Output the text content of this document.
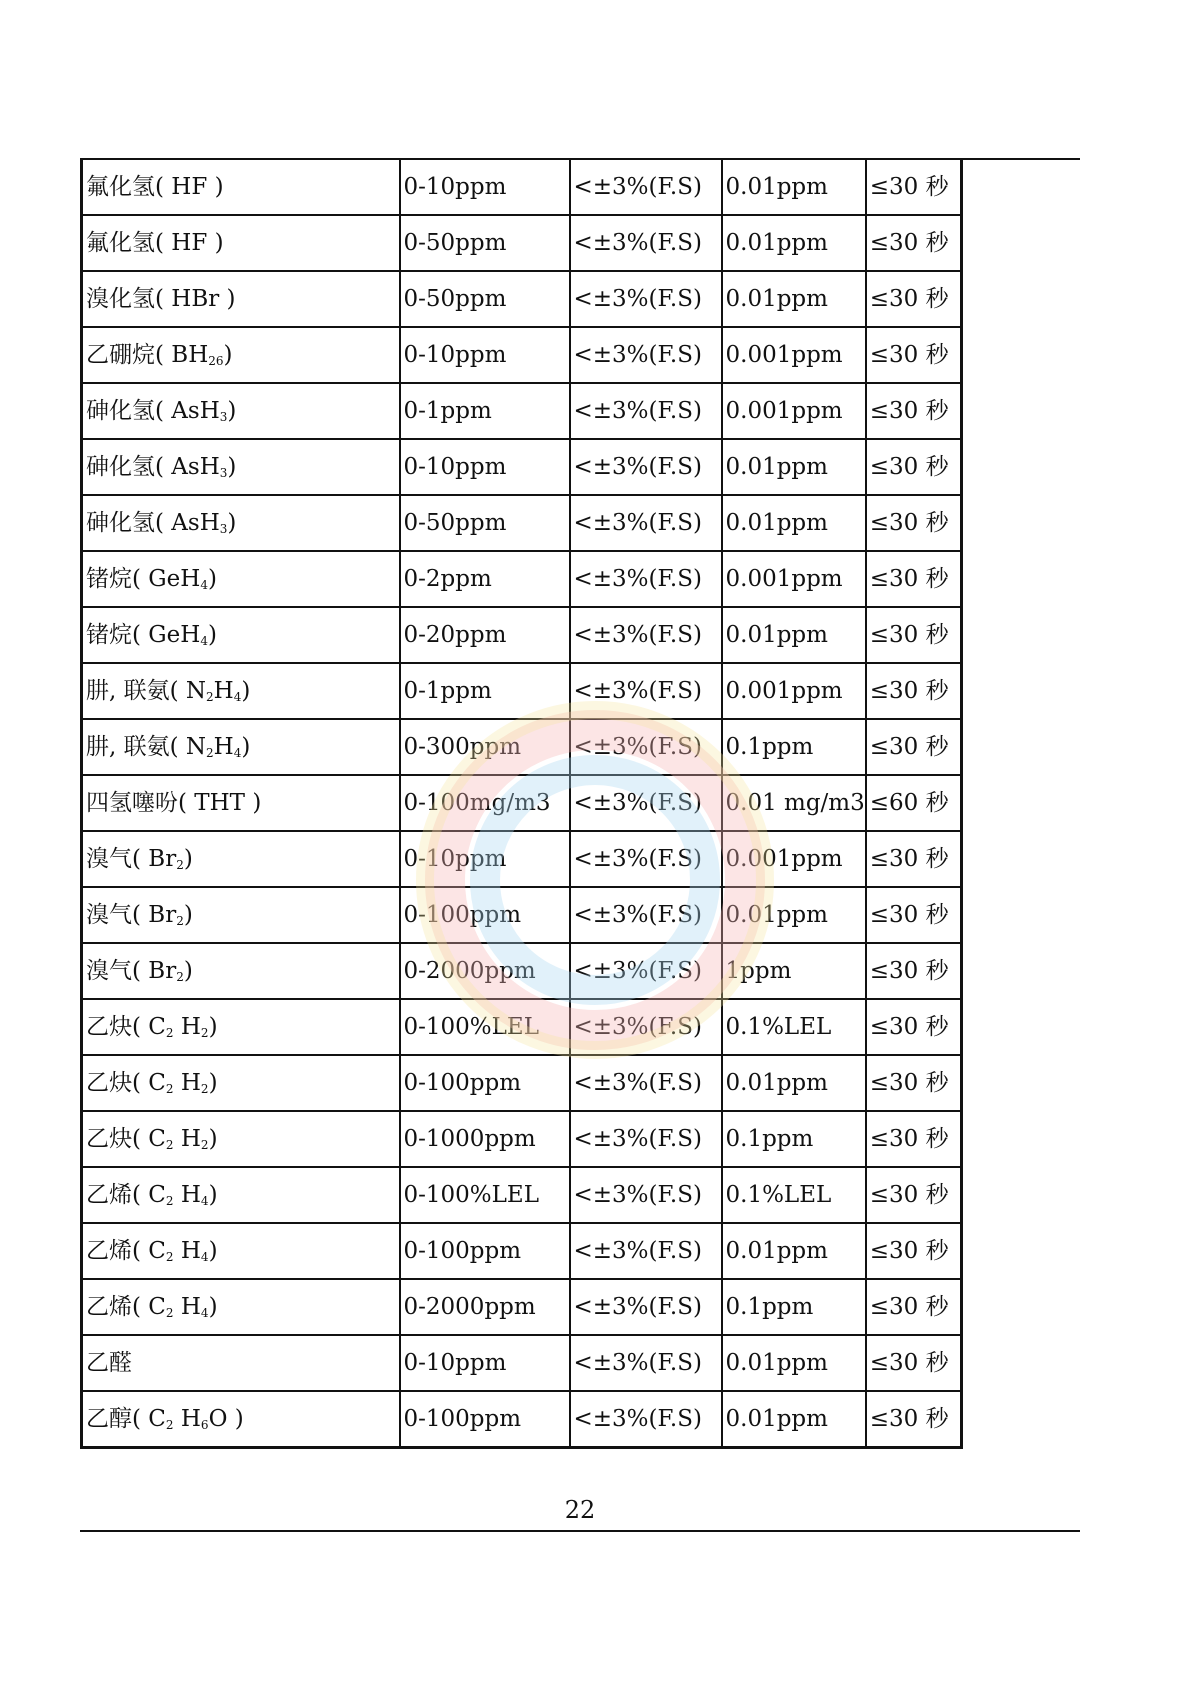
氟化氢( HF )	0-10ppm	<±3%(F.S)	0.01ppm	≤30 秒
氟化氢( HF )	0-50ppm	<±3%(F.S)	0.01ppm	≤30 秒
溴化氢( HBr )	0-50ppm	<±3%(F.S)	0.01ppm	≤30 秒
乙硼烷( $BH_{26}$)	0-10ppm	<±3%(F.S)	0.001ppm	≤30 秒
砷化氢( AsH$_3$)	0-1ppm	<±3%(F.S)	0.001ppm	≤30 秒
砷化氢( AsH$_3$)	0-10ppm	<±3%(F.S)	0.01ppm	≤30 秒
砷化氢( AsH$_3$)	0-50ppm	<±3%(F.S)	0.01ppm	≤30 秒
锗烷( GeH$_4$)	0-2ppm	<±3%(F.S)	0.001ppm	≤30 秒
锗烷( GeH$_4$)	0-20ppm	<±3%(F.S)	0.01ppm	≤30 秒
肼, 联氨( $N_2H_4$)	0-1ppm	<±3%(F.S)	0.001ppm	≤30 秒
肼, 联氨( $N_2H_4$)	0-300ppm	<±3%(F.S)	0.1ppm	≤30 秒
四氢噻吩( THT )	0-100mg/m3	<±3%(F.S)	0.01 mg/m3	≤60 秒
溴气( $Br_2$)	0-10ppm	<±3%(F.S)	0.001ppm	≤30 秒
溴气( $Br_2$)	0-100ppm	<±3%(F.S)	0.01ppm	≤30 秒
溴气( $Br_2$)	0-2000ppm	<±3%(F.S)	1ppm	≤30 秒
乙炔( $C_2$ $H_2$)	0-100%LEL	<±3%(F.S)	0.1%LEL	≤30 秒
乙炔( $C_2$ $H_2$)	0-100ppm	<±3%(F.S)	0.01ppm	≤30 秒
乙炔( $C_2$ $H_2$)	0-1000ppm	<±3%(F.S)	0.1ppm	≤30 秒
乙烯( $C_2$ $H_4$)	0-100%LEL	<±3%(F.S)	0.1%LEL	≤30 秒
乙烯( $C_2$ $H_4$)	0-100ppm	<±3%(F.S)	0.01ppm	≤30 秒
乙烯( $C_2$ $H_4$)	0-2000ppm	<±3%(F.S)	0.1ppm	≤30 秒
乙醛	0-10ppm	<±3%(F.S)	0.01ppm	≤30 秒
乙醇( $C_2$ $H_6O$ )	0-100ppm	<±3%(F.S)	0.01ppm	≤30 秒
22
